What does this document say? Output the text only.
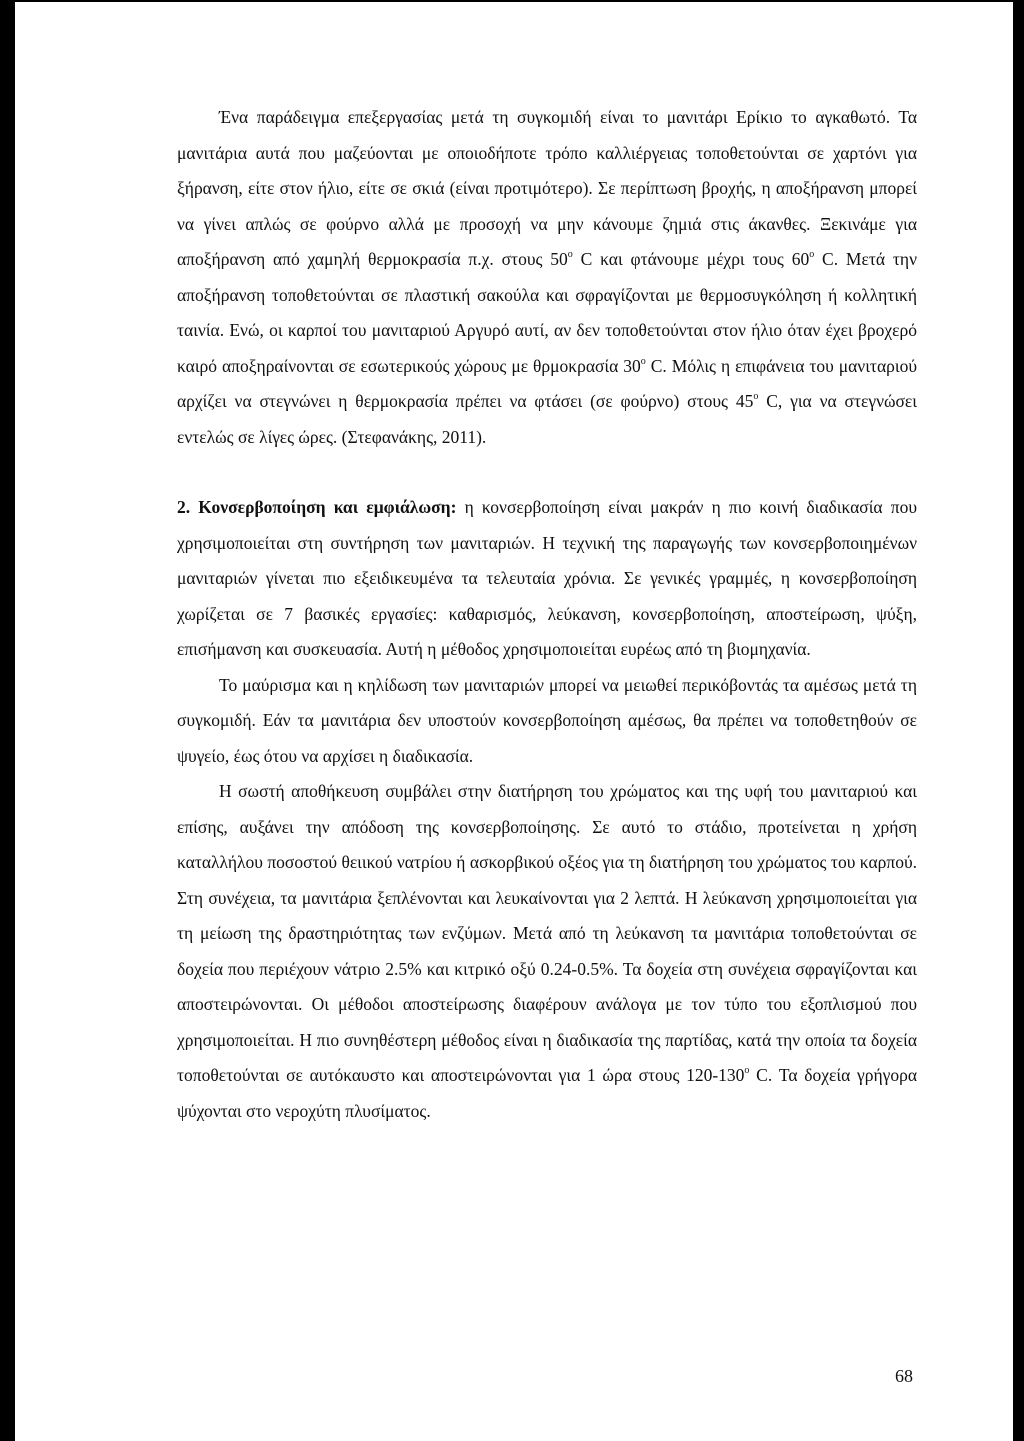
Ένα παράδειγμα επεξεργασίας μετά τη συγκομιδή είναι το μανιτάρι Ερίκιο το αγκαθωτό. Τα μανιτάρια αυτά που μαζεύονται με οποιοδήποτε τρόπο καλλιέργειας τοποθετούνται σε χαρτόνι για ξήρανση, είτε στον ήλιο, είτε σε σκιά (είναι προτιμότερο). Σε περίπτωση βροχής, η αποξήρανση μπορεί να γίνει απλώς σε φούρνο αλλά με προσοχή να μην κάνουμε ζημιά στις άκανθες. Ξεκινάμε για αποξήρανση από χαμηλή θερμοκρασία π.χ. στους $50^o$ C και φτάνουμε μέχρι τους $60^o$ C. Μετά την αποξήρανση τοποθετούνται σε πλαστική σακούλα και σφραγίζονται με θερμοσυγκόληση ή κολλητική ταινία. Ενώ, οι καρποί του μανιταριού Αργυρό αυτί, αν δεν τοποθετούνται στον ήλιο όταν έχει βροχερό καιρό αποξηραίνονται σε εσωτερικούς χώρους με θρμοκρασία $30^o$ C. Μόλις η επιφάνεια του μανιταριού αρχίζει να στεγνώνει η θερμοκρασία πρέπει να φτάσει (σε φούρνο) στους $45^o$ C, για να στεγνώσει εντελώς σε λίγες ώρες. (Στεφανάκης, 2011).

2. Κονσερβοποίηση και εμφιάλωση: η κονσερβοποίηση είναι μακράν η πιο κοινή διαδικασία που χρησιμοποιείται στη συντήρηση των μανιταριών. Η τεχνική της παραγωγής των κονσερβοποιημένων μανιταριών γίνεται πιο εξειδικευμένα τα τελευταία χρόνια. Σε γενικές γραμμές, η κονσερβοποίηση χωρίζεται σε 7 βασικές εργασίες: καθαρισμός, λεύκανση, κονσερβοποίηση, αποστείρωση, ψύξη, επισήμανση και συσκευασία. Αυτή η μέθοδος χρησιμοποιείται ευρέως από τη βιομηχανία.

Το μαύρισμα και η κηλίδωση των μανιταριών μπορεί να μειωθεί περικόβοντάς τα αμέσως μετά τη συγκομιδή. Εάν τα μανιτάρια δεν υποστούν κονσερβοποίηση αμέσως, θα πρέπει να τοποθετηθούν σε ψυγείο, έως ότου να αρχίσει η διαδικασία.

Η σωστή αποθήκευση συμβάλει στην διατήρηση του χρώματος και της υφή του μανιταριού και επίσης, αυξάνει την απόδοση της κονσερβοποίησης. Σε αυτό το στάδιο, προτείνεται η χρήση καταλλήλου ποσοστού θειικού νατρίου ή ασκορβικού οξέος για τη διατήρηση του χρώματος του καρπού. Στη συνέχεια, τα μανιτάρια ξεπλένονται και λευκαίνονται για 2 λεπτά. Η λεύκανση χρησιμοποιείται για τη μείωση της δραστηριότητας των ενζύμων. Μετά από τη λεύκανση τα μανιτάρια τοποθετούνται σε δοχεία που περιέχουν νάτριο 2.5% και κιτρικό οξύ 0.24-0.5%. Τα δοχεία στη συνέχεια σφραγίζονται και αποστειρώνονται. Οι μέθοδοι αποστείρωσης διαφέρουν ανάλογα με τον τύπο του εξοπλισμού που χρησιμοποιείται. Η πιο συνηθέστερη μέθοδος είναι η διαδικασία της παρτίδας, κατά την οποία τα δοχεία τοποθετούνται σε αυτόκαυστο και αποστειρώνονται για 1 ώρα στους $120-130^o$ C. Τα δοχεία γρήγορα ψύχονται στο νεροχύτη πλυσίματος.

68
